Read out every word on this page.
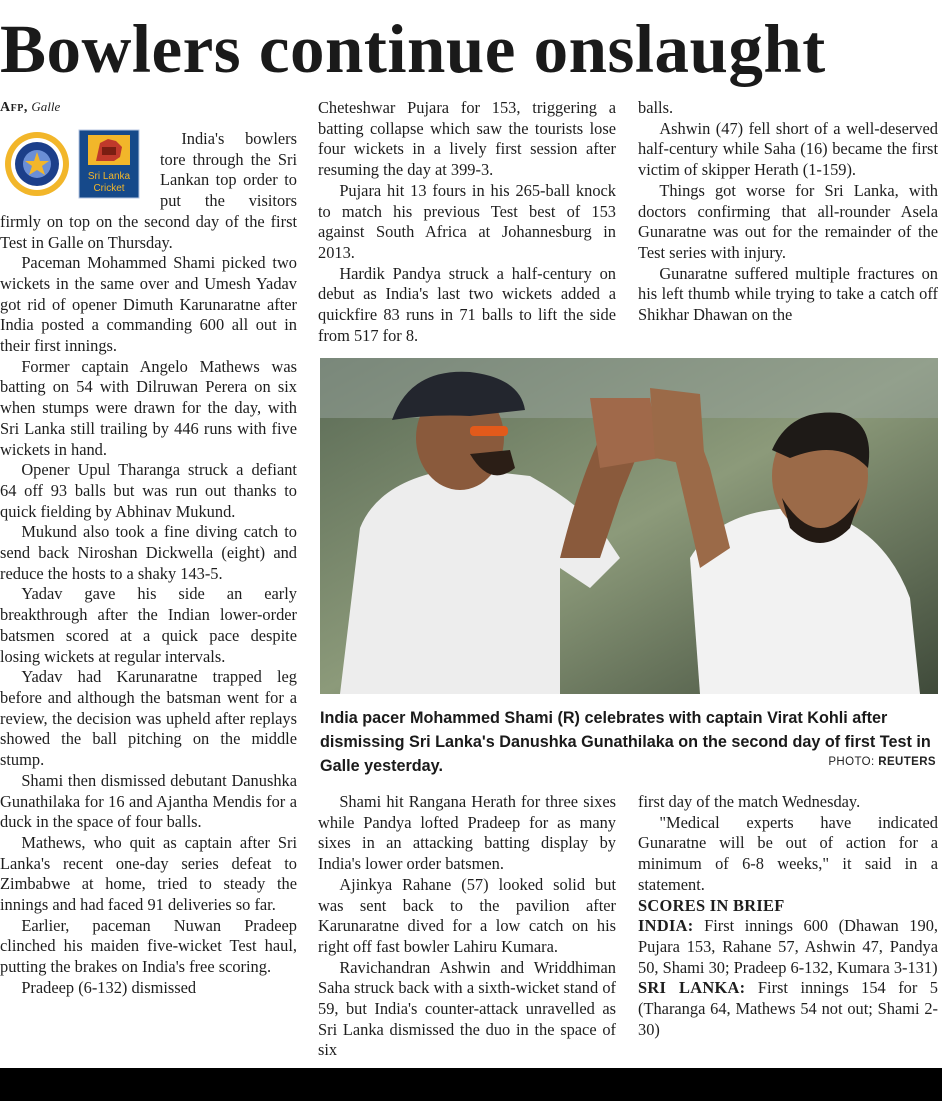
Bowlers continue onslaught
Afp, Galle
Sri Lanka
Cricket

India's bowlers tore through the Sri Lankan top order to put the visitors firmly on top on the second day of the first Test in Galle on Thursday.

Paceman Mohammed Shami picked two wickets in the same over and Umesh Yadav got rid of opener Dimuth Karunaratne after India posted a commanding 600 all out in their first innings.

Former captain Angelo Mathews was batting on 54 with Dilruwan Perera on six when stumps were drawn for the day, with Sri Lanka still trailing by 446 runs with five wickets in hand.

Opener Upul Tharanga struck a defiant 64 off 93 balls but was run out thanks to quick fielding by Abhinav Mukund.

Mukund also took a fine diving catch to send back Niroshan Dickwella (eight) and reduce the hosts to a shaky 143-5.

Yadav gave his side an early breakthrough after the Indian lower-order batsmen scored at a quick pace despite losing wickets at regular intervals.

Yadav had Karunaratne trapped leg before and although the batsman went for a review, the decision was upheld after replays showed the ball pitching on the middle stump.

Shami then dismissed debutant Danushka Gunathilaka for 16 and Ajantha Mendis for a duck in the space of four balls.

Mathews, who quit as captain after Sri Lanka's recent one-day series defeat to Zimbabwe at home, tried to steady the innings and had faced 91 deliveries so far.

Earlier, paceman Nuwan Pradeep clinched his maiden five-wicket Test haul, putting the brakes on India's free scoring.

Pradeep (6-132) dismissed

Cheteshwar Pujara for 153, triggering a batting collapse which saw the tourists lose four wickets in a lively first session after resuming the day at 399-3.

Pujara hit 13 fours in his 265-ball knock to match his previous Test best of 153 against South Africa at Johannesburg in 2013.

Hardik Pandya struck a half-century on debut as India's last two wickets added a quickfire 83 runs in 71 balls to lift the side from 517 for 8.

balls.

Ashwin (47) fell short of a well-deserved half-century while Saha (16) became the first victim of skipper Herath (1-159).

Things got worse for Sri Lanka, with doctors confirming that all-rounder Asela Gunaratne was out for the remainder of the Test series with injury.

Gunaratne suffered multiple fractures on his left thumb while trying to take a catch off Shikhar Dhawan on the

India pacer Mohammed Shami (R) celebrates with captain Virat Kohli after dismissing Sri Lanka's Danushka Gunathilaka on the second day of first Test in Galle yesterday.	PHOTO: REUTERS

Shami hit Rangana Herath for three sixes while Pandya lofted Pradeep for as many sixes in an attacking batting display by India's lower order batsmen.

Ajinkya Rahane (57) looked solid but was sent back to the pavilion after Karunaratne dived for a low catch on his right off fast bowler Lahiru Kumara.

Ravichandran Ashwin and Wriddhiman Saha struck back with a sixth-wicket stand of 59, but India's counter-attack unravelled as Sri Lanka dismissed the duo in the space of six

first day of the match Wednesday.

"Medical experts have indicated Gunaratne will be out of action for a minimum of 6-8 weeks," it said in a statement.

SCORES IN BRIEF

INDIA: First innings 600 (Dhawan 190, Pujara 153, Rahane 57, Ashwin 47, Pandya 50, Shami 30; Pradeep 6-132, Kumara 3-131)

SRI LANKA: First innings 154 for 5 (Tharanga 64, Mathews 54 not out; Shami 2-30)
